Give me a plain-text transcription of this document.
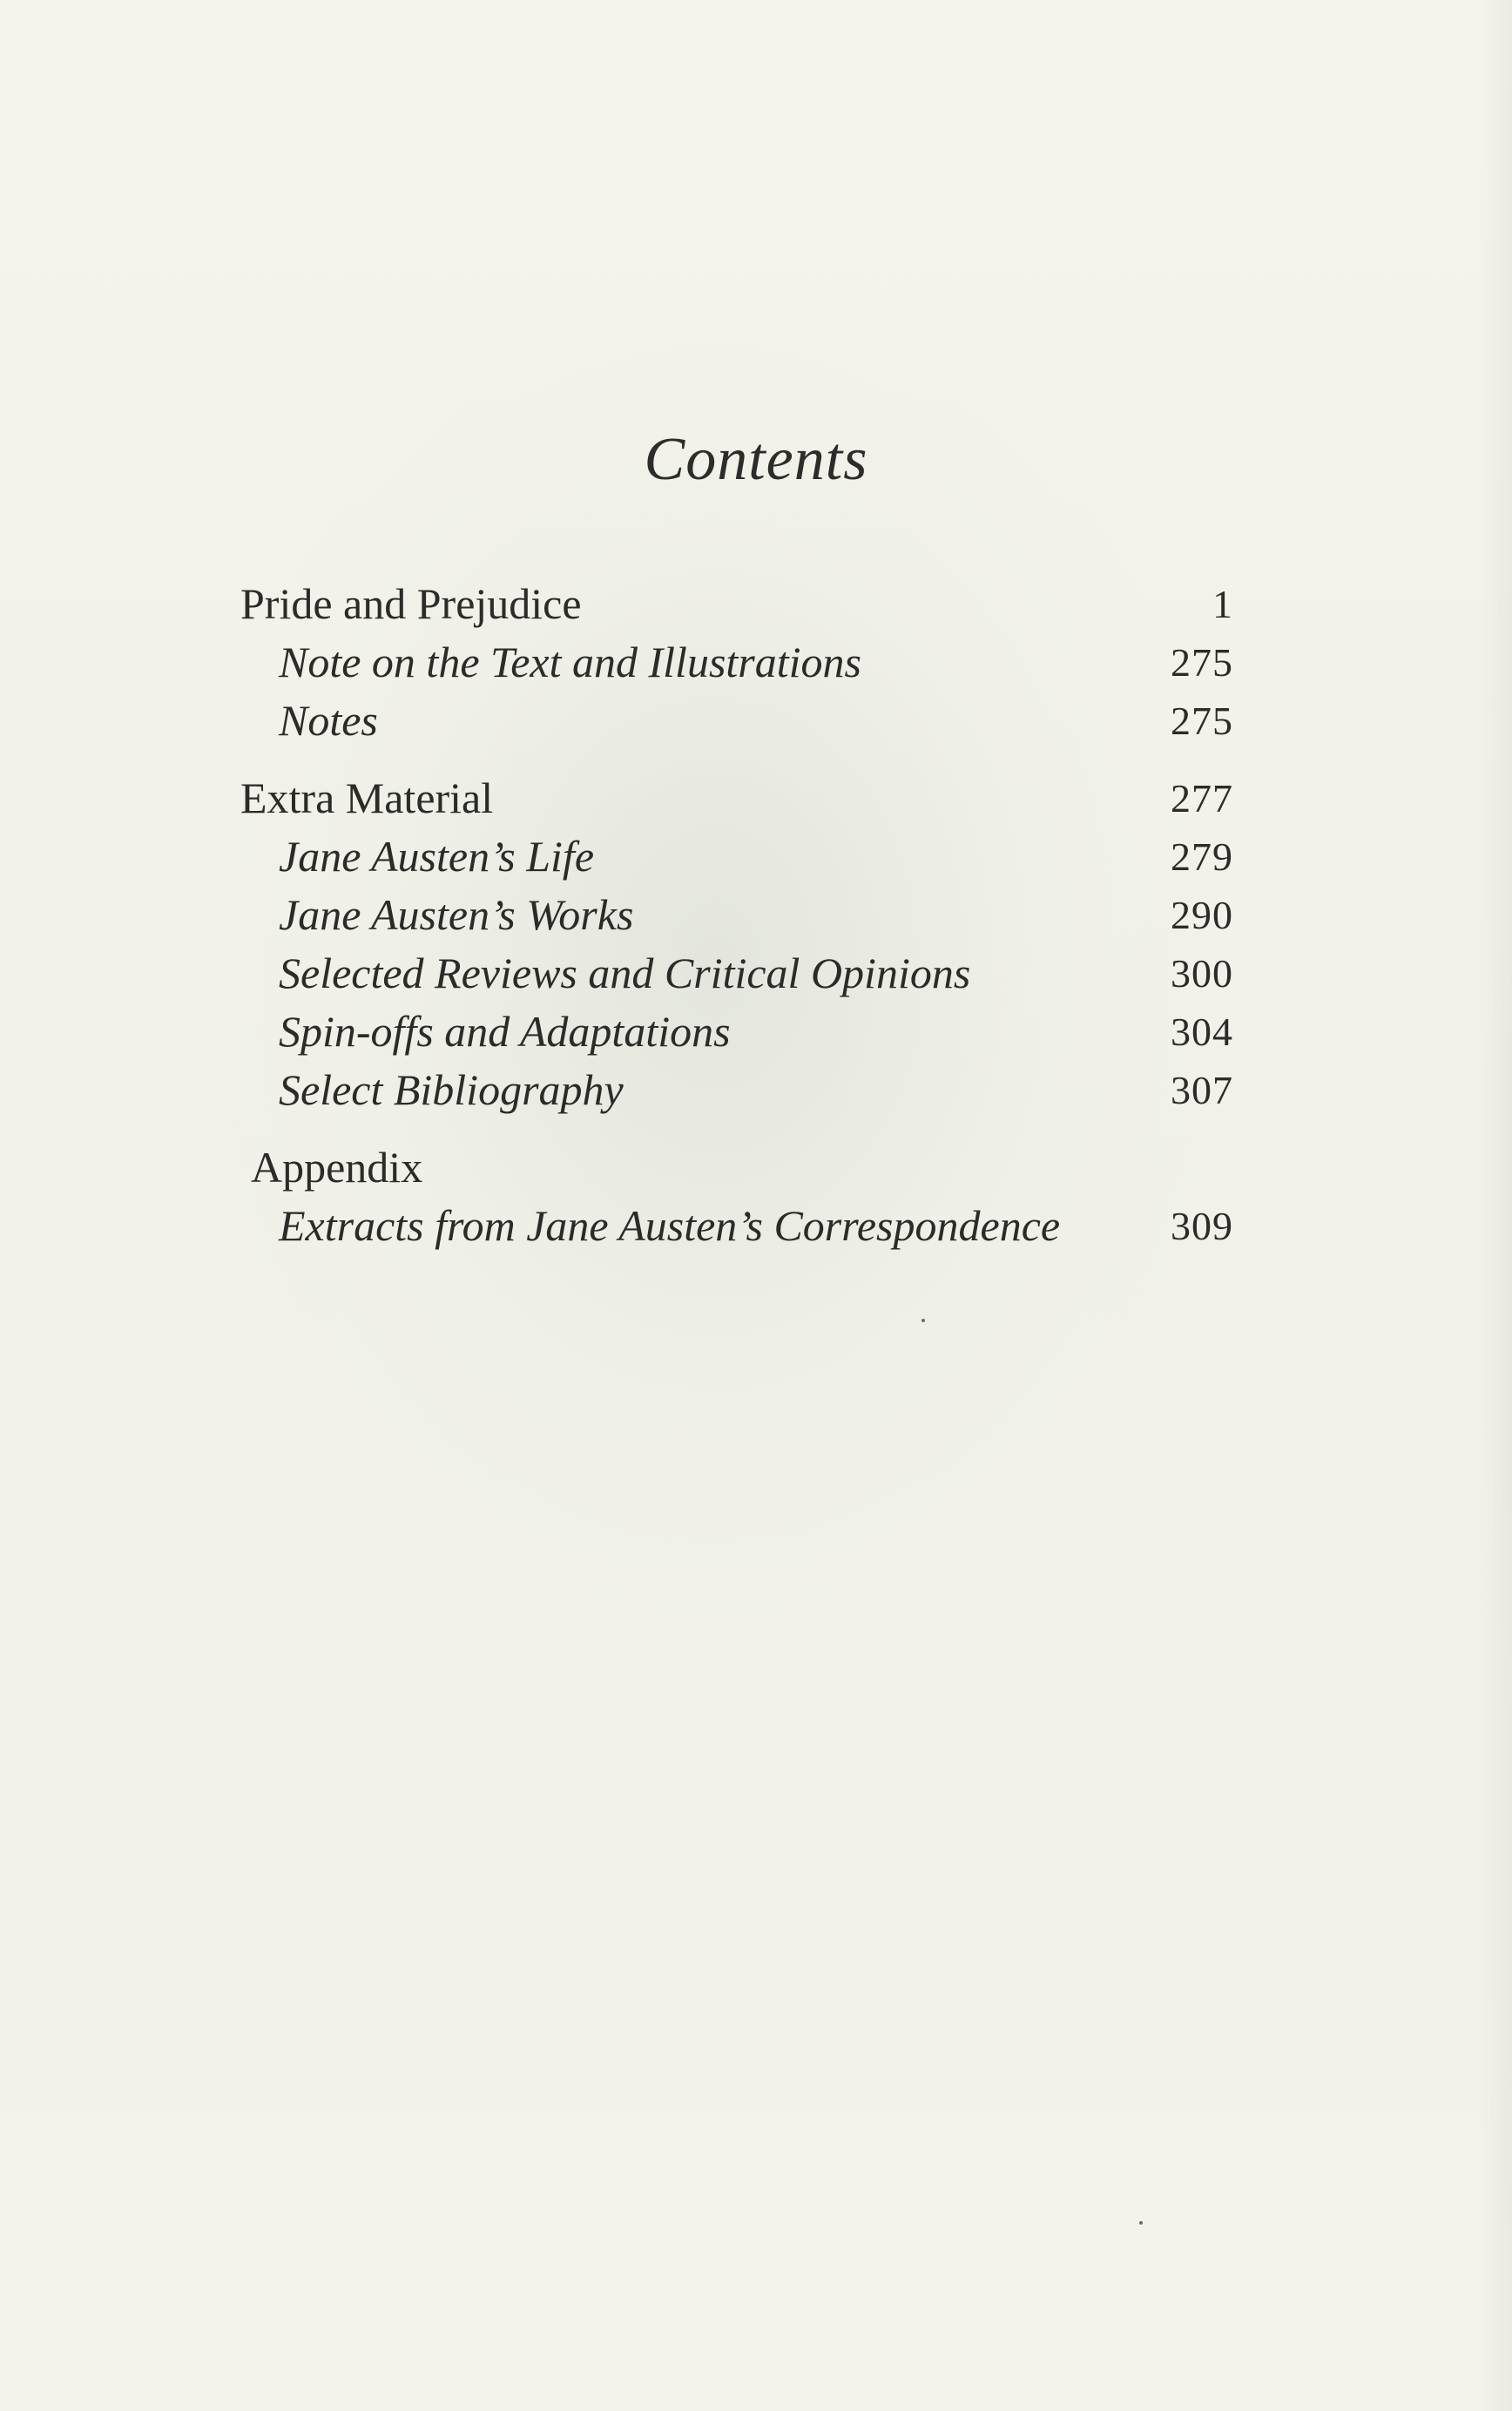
Contents
Pride and Prejudice	1
Note on the Text and Illustrations	275
Notes	275
Extra Material	277
Jane Austen’s Life	279
Jane Austen’s Works	290
Selected Reviews and Critical Opinions	300
Spin-offs and Adaptations	304
Select Bibliography	307
Appendix
Extracts from Jane Austen’s Correspondence	309
